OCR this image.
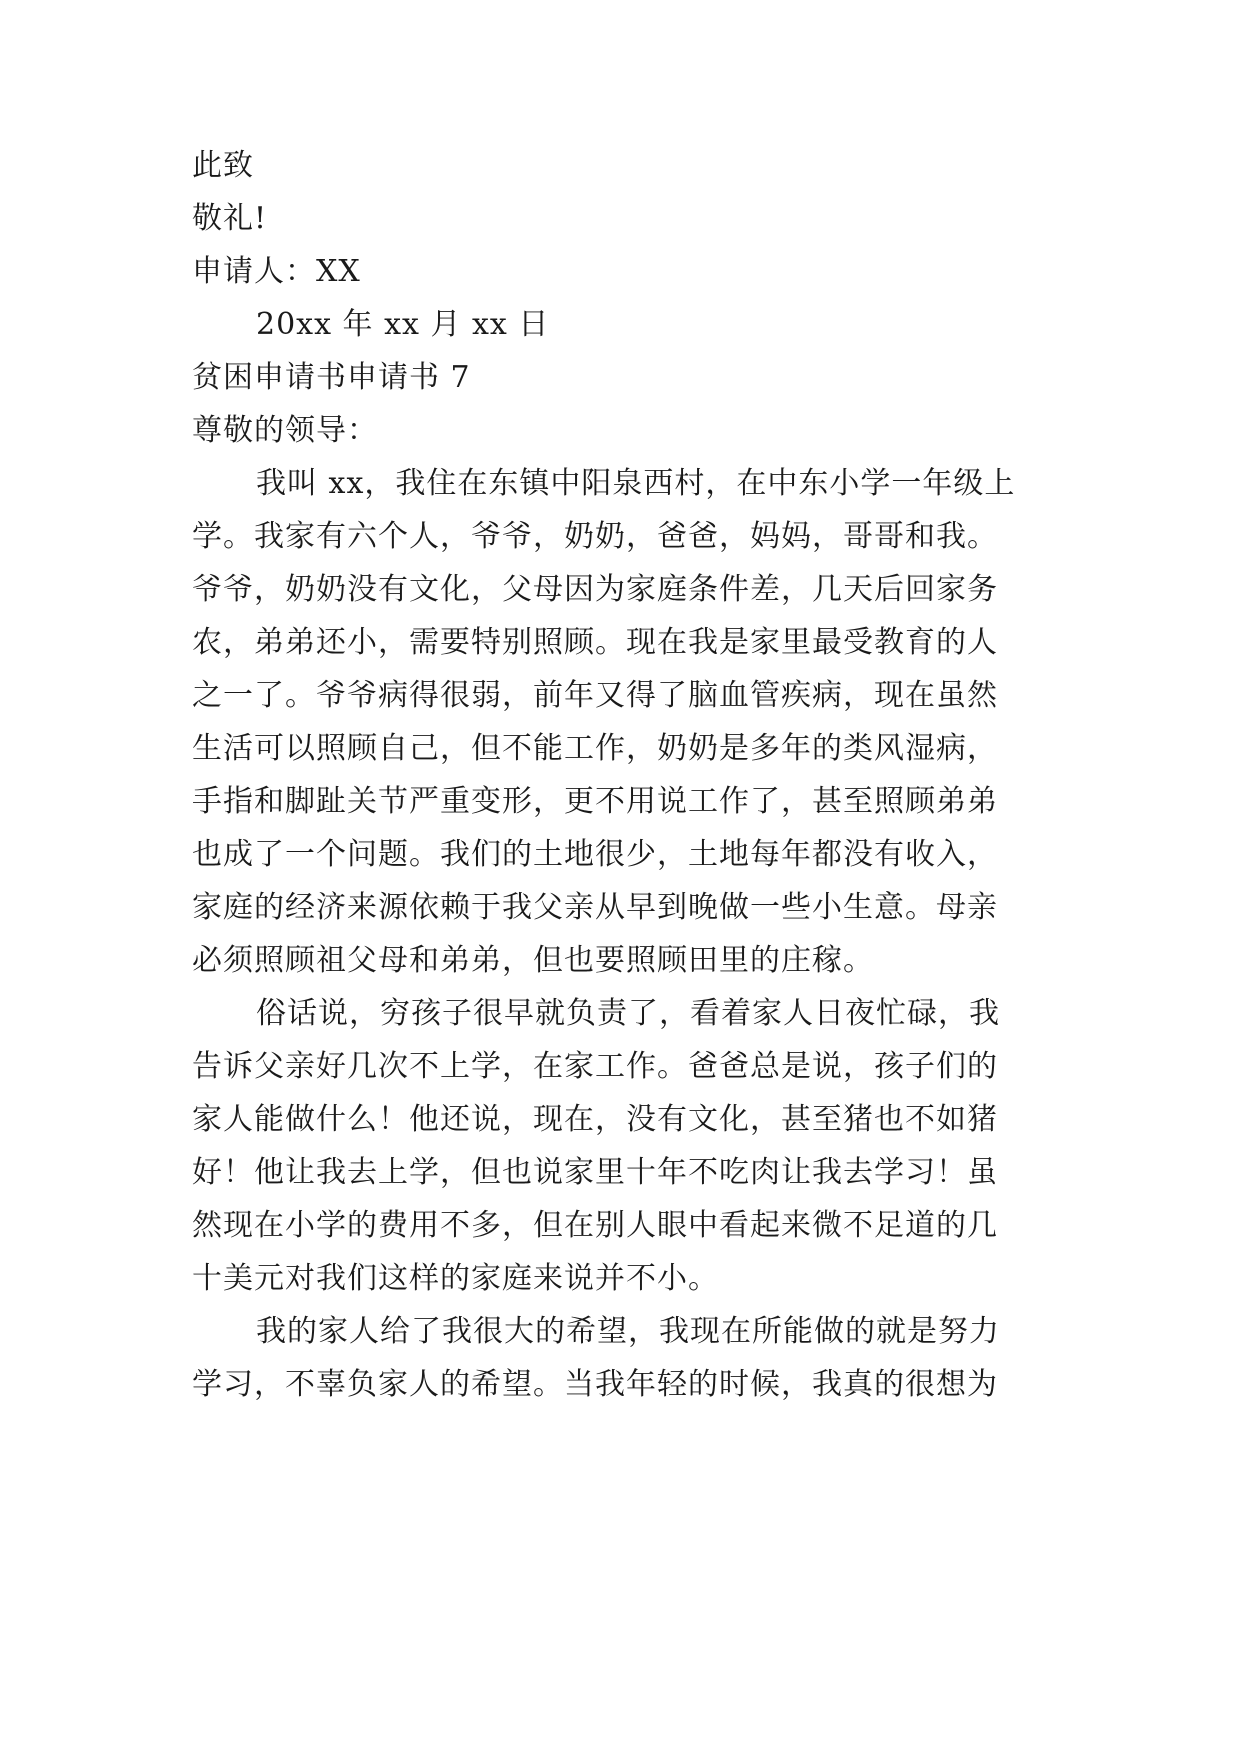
此致
敬礼!
申请人：XX
20xx 年 xx 月 xx 日
贫困申请书申请书 7
尊敬的领导：
我叫 xx，我住在东镇中阳泉西村，在中东小学一年级上
学。我家有六个人，爷爷，奶奶，爸爸，妈妈，哥哥和我。
爷爷，奶奶没有文化，父母因为家庭条件差，几天后回家务
农，弟弟还小，需要特别照顾。现在我是家里最受教育的人
之一了。爷爷病得很弱，前年又得了脑血管疾病，现在虽然
生活可以照顾自己，但不能工作，奶奶是多年的类风湿病，
手指和脚趾关节严重变形，更不用说工作了，甚至照顾弟弟
也成了一个问题。我们的土地很少，土地每年都没有收入，
家庭的经济来源依赖于我父亲从早到晚做一些小生意。母亲
必须照顾祖父母和弟弟，但也要照顾田里的庄稼。
俗话说，穷孩子很早就负责了，看着家人日夜忙碌，我
告诉父亲好几次不上学，在家工作。爸爸总是说，孩子们的
家人能做什么！他还说，现在，没有文化，甚至猪也不如猪
好！他让我去上学，但也说家里十年不吃肉让我去学习！虽
然现在小学的费用不多，但在别人眼中看起来微不足道的几
十美元对我们这样的家庭来说并不小。
我的家人给了我很大的希望，我现在所能做的就是努力
学习，不辜负家人的希望。当我年轻的时候，我真的很想为
